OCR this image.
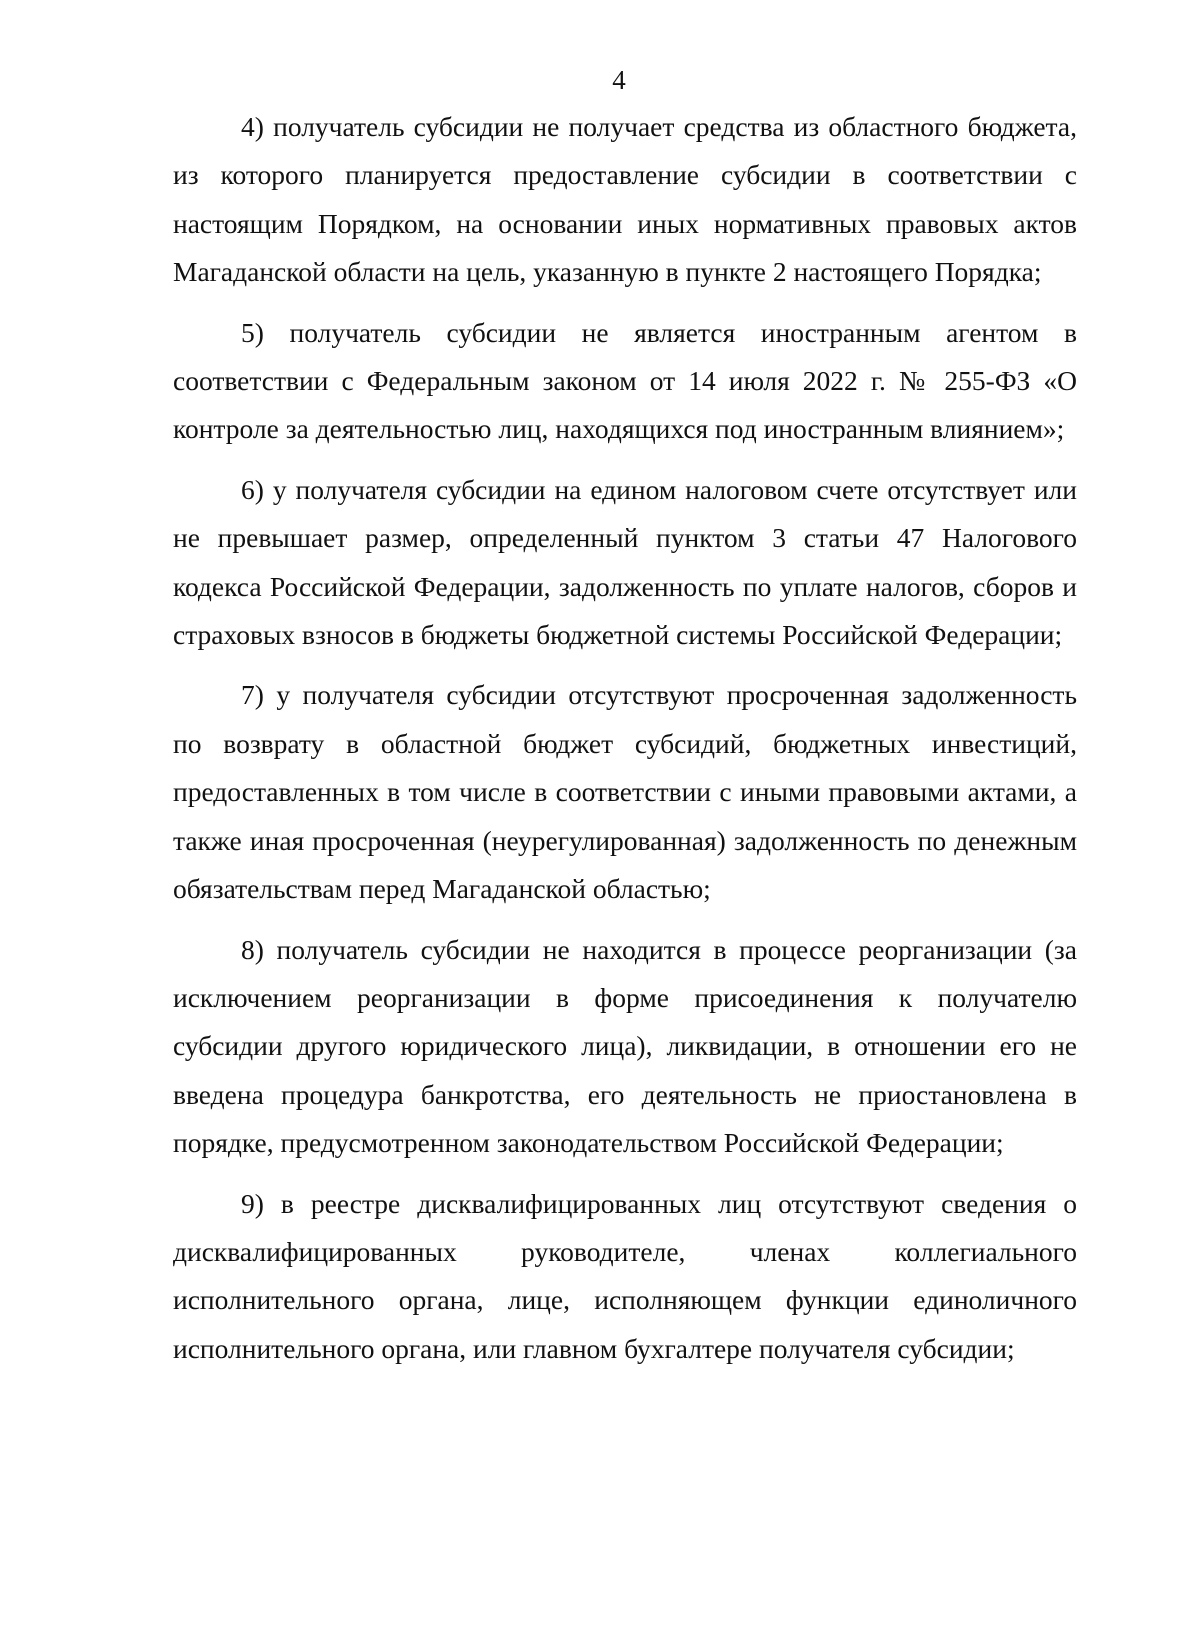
4

4) получатель субсидии не получает средства из областного бюджета, из которого планируется предоставление субсидии в соответствии с настоящим Порядком, на основании иных нормативных правовых актов Магаданской области на цель, указанную в пункте 2 настоящего Порядка;

5) получатель субсидии не является иностранным агентом в соответствии с Федеральным законом от 14 июля 2022 г. № 255-ФЗ «О контроле за деятельностью лиц, находящихся под иностранным влиянием»;

6) у получателя субсидии на едином налоговом счете отсутствует или не превышает размер, определенный пунктом 3 статьи 47 Налогового кодекса Российской Федерации, задолженность по уплате налогов, сборов и страховых взносов в бюджеты бюджетной системы Российской Федерации;

7) у получателя субсидии отсутствуют просроченная задолженность по возврату в областной бюджет субсидий, бюджетных инвестиций, предоставленных в том числе в соответствии с иными правовыми актами, а также иная просроченная (неурегулированная) задолженность по денежным обязательствам перед Магаданской областью;

8) получатель субсидии не находится в процессе реорганизации (за исключением реорганизации в форме присоединения к получателю субсидии другого юридического лица), ликвидации, в отношении его не введена процедура банкротства, его деятельность не приостановлена в порядке, предусмотренном законодательством Российской Федерации;

9) в реестре дисквалифицированных лиц отсутствуют сведения о дисквалифицированных руководителе, членах коллегиального исполнительного органа, лице, исполняющем функции единоличного исполнительного органа, или главном бухгалтере получателя субсидии;
